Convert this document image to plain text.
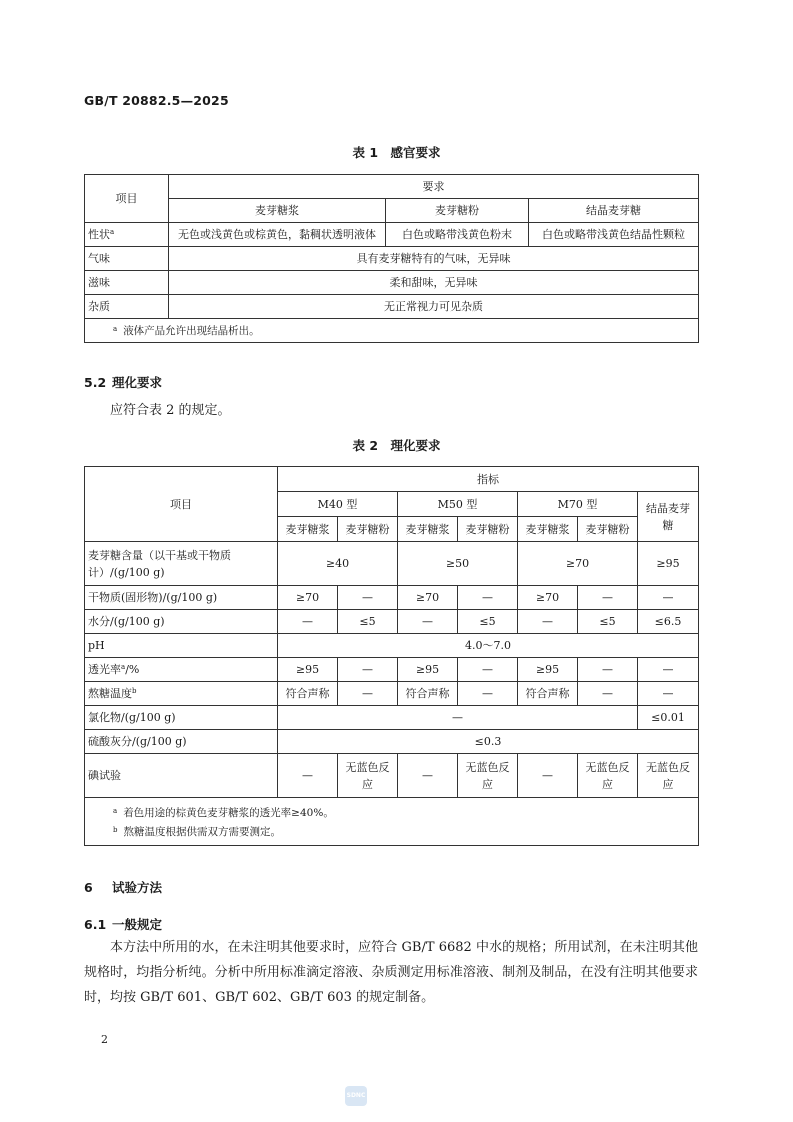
GB/T 20882.5—2025
表 1　感官要求
项目	要求		
	麦芽糖浆	麦芽糖粉	结晶麦芽糖
性状$^a$	无色或浅黄色或棕黄色，黏稠状透明液体	白色或略带浅黄色粉末	白色或略带浅黄色结晶性颗粒
气味	具有麦芽糖特有的气味，无异味		
滋味	柔和甜味，无异味		
杂质	无正常视力可见杂质		
$^a$ 液体产品允许出现结晶析出。			
5.2 理化要求
应符合表 2 的规定。
表 2　理化要求
项目	指标						
	M40 型		M50 型		M70 型		结晶麦芽糖
	麦芽糖浆	麦芽糖粉	麦芽糖浆	麦芽糖粉	麦芽糖浆	麦芽糖粉	
麦芽糖含量（以干基或干物质计）/(g/100 g)	≥40		≥50		≥70		≥95
干物质(固形物)/(g/100 g)	≥70	—	≥70	—	≥70	—	—
水分/(g/100 g)	—	≤5	—	≤5	—	≤5	≤6.5
pH	4.0～7.0						
透光率$^a$/%	≥95	—	≥95	—	≥95	—	—
熬糖温度$^b$	符合声称	—	符合声称	—	符合声称	—	—
氯化物/(g/100 g)	—						≤0.01
硫酸灰分/(g/100 g)	≤0.3						
碘试验	—	无蓝色反应	—	无蓝色反应	—	无蓝色反应	无蓝色反应

$^a$ 着色用途的棕黄色麦芽糖浆的透光率≥40%。
$^b$ 熬糖温度根据供需双方需要测定。							
6 试验方法
6.1 一般规定
本方法中所用的水，在未注明其他要求时，应符合 GB/T 6682 中水的规格；所用试剂，在未注明其他规格时，均指分析纯。分析中所用标准滴定溶液、杂质测定用标准溶液、制剂及制品，在没有注明其他要求时，均按 GB/T 601、GB/T 602、GB/T 603 的规定制备。
2
SDNC
